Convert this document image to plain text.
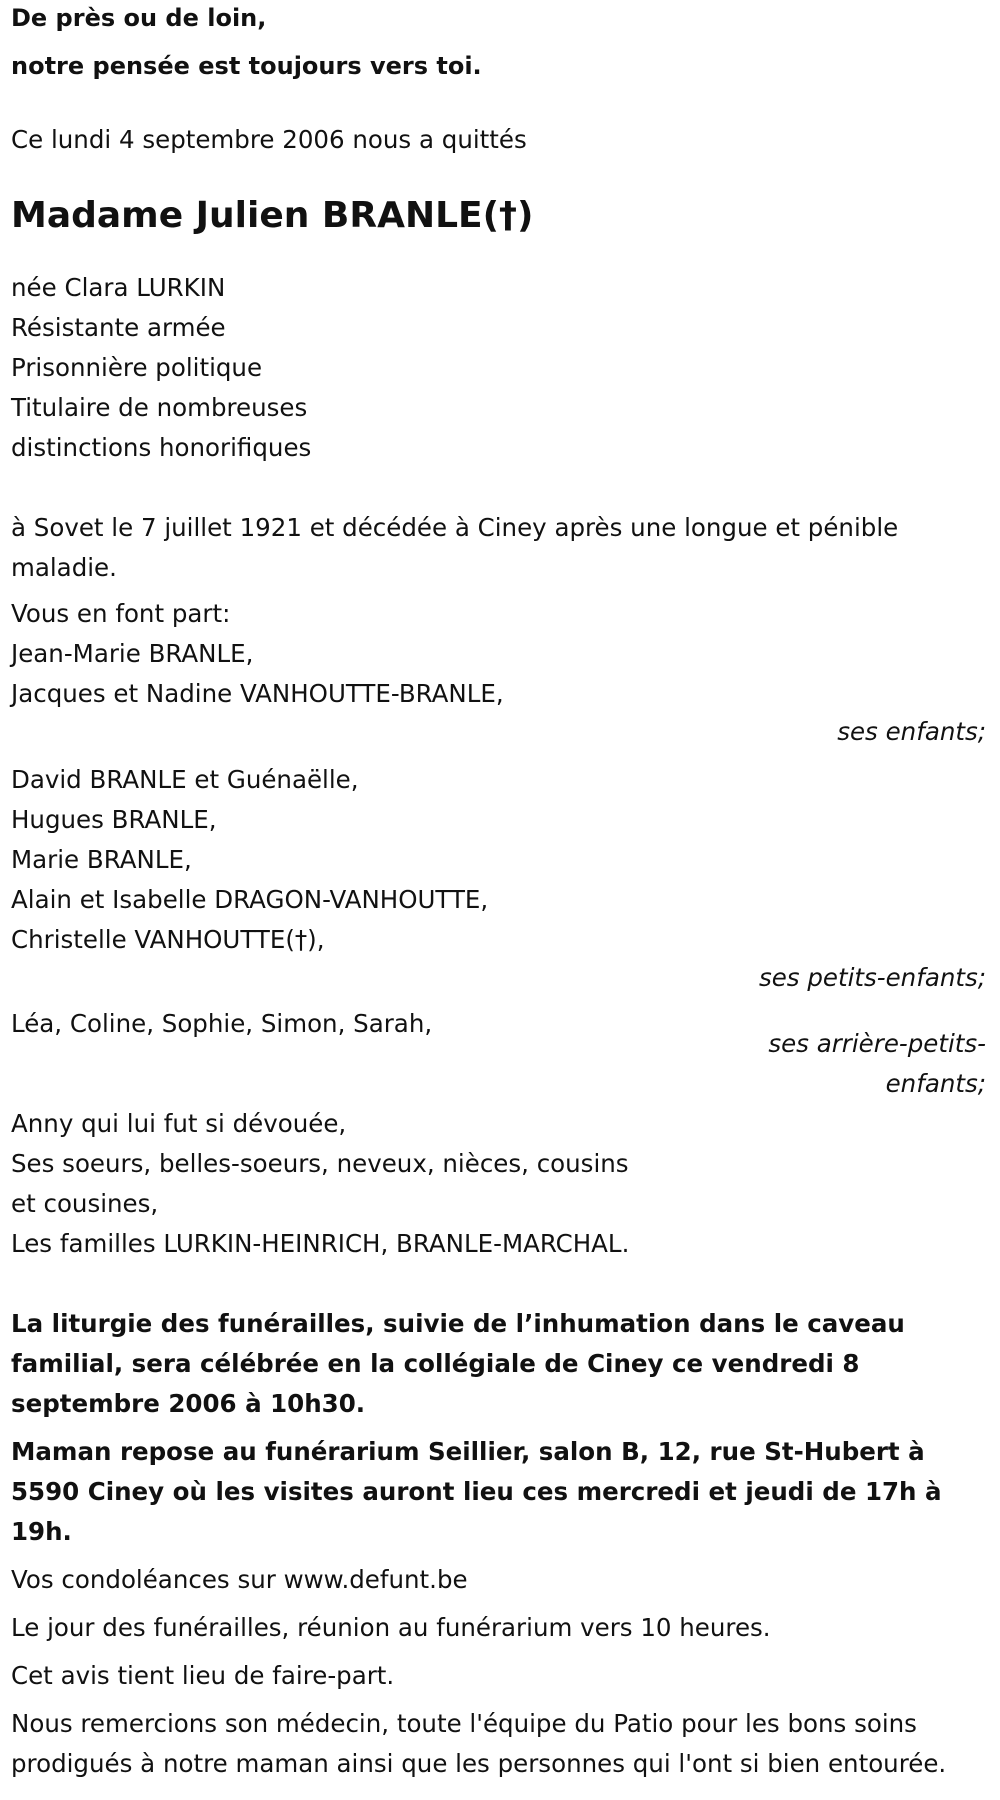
De près ou de loin,

notre pensée est toujours vers toi.

Ce lundi 4 septembre 2006 nous a quittés

Madame Julien BRANLE(†)

née Clara LURKIN

Résistante armée

Prisonnière politique

Titulaire de nombreuses

distinctions honorifiques

à Sovet le 7 juillet 1921 et décédée à Ciney après une longue et pénible maladie.

Vous en font part:

Jean-Marie BRANLE,

Jacques et Nadine VANHOUTTE-BRANLE,

ses enfants;

David BRANLE et Guénaëlle,

Hugues BRANLE,

Marie BRANLE,

Alain et Isabelle DRAGON-VANHOUTTE,

Christelle VANHOUTTE(†),

ses petits-enfants;

Léa, Coline, Sophie, Simon, Sarah,

ses arrière-petits-enfants;

Anny qui lui fut si dévouée,

Ses soeurs, belles-soeurs, neveux, nièces, cousins

et cousines,

Les familles LURKIN-HEINRICH, BRANLE-MARCHAL.

La liturgie des funérailles, suivie de l’inhumation dans le caveau familial, sera célébrée en la collégiale de Ciney ce vendredi 8 septembre 2006 à 10h30.

Maman repose au funérarium Seillier, salon B, 12, rue St-Hubert à 5590 Ciney où les visites auront lieu ces mercredi et jeudi de 17h à 19h.

Vos condoléances sur www.defunt.be

Le jour des funérailles, réunion au funérarium vers 10 heures.

Cet avis tient lieu de faire-part.

Nous remercions son médecin, toute l'équipe du Patio pour les bons soins prodigués à notre maman ainsi que les personnes qui l'ont si bien entourée.
